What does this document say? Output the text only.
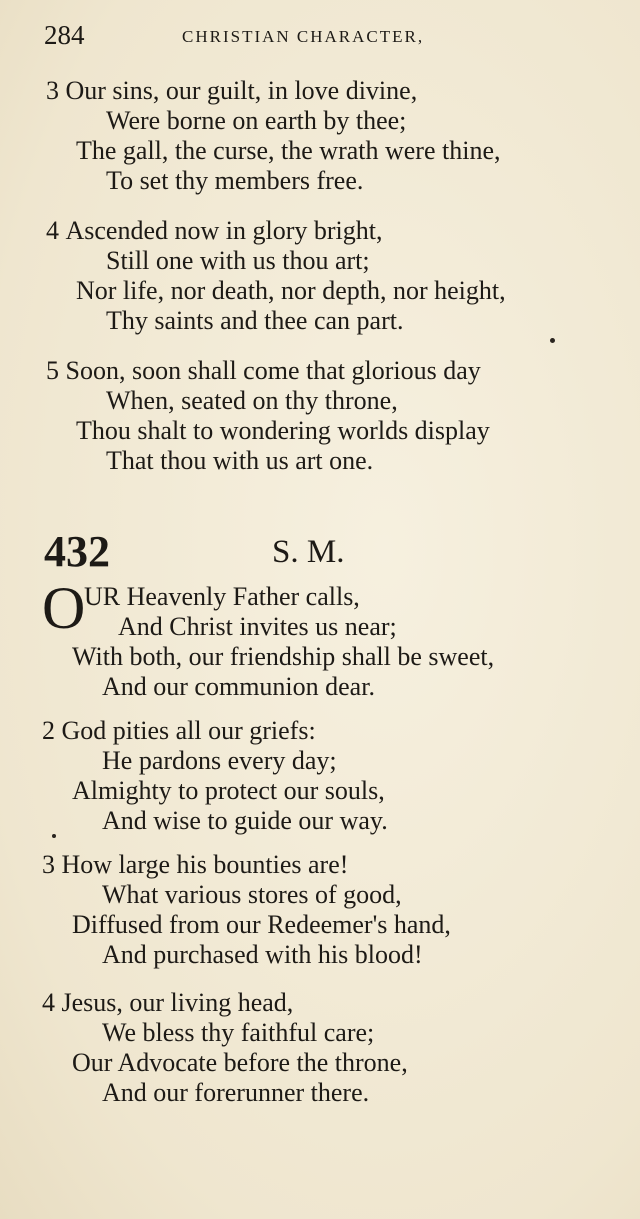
284	CHRISTIAN CHARACTER,
3 Our sins, our guilt, in love divine,
Were borne on earth by thee;
The gall, the curse, the wrath were thine,
To set thy members free.
4 Ascended now in glory bright,
Still one with us thou art;
Nor life, nor death, nor depth, nor height,
Thy saints and thee can part.
5 Soon, soon shall come that glorious day
When, seated on thy throne,
Thou shalt to wondering worlds display
That thou with us art one.
432	S. M.
O
UR Heavenly Father calls,
And Christ invites us near;
With both, our friendship shall be sweet,
And our communion dear.
2 God pities all our griefs:
He pardons every day;
Almighty to protect our souls,
And wise to guide our way.
3 How large his bounties are!
What various stores of good,
Diffused from our Redeemer's hand,
And purchased with his blood!
4 Jesus, our living head,
We bless thy faithful care;
Our Advocate before the throne,
And our forerunner there.
